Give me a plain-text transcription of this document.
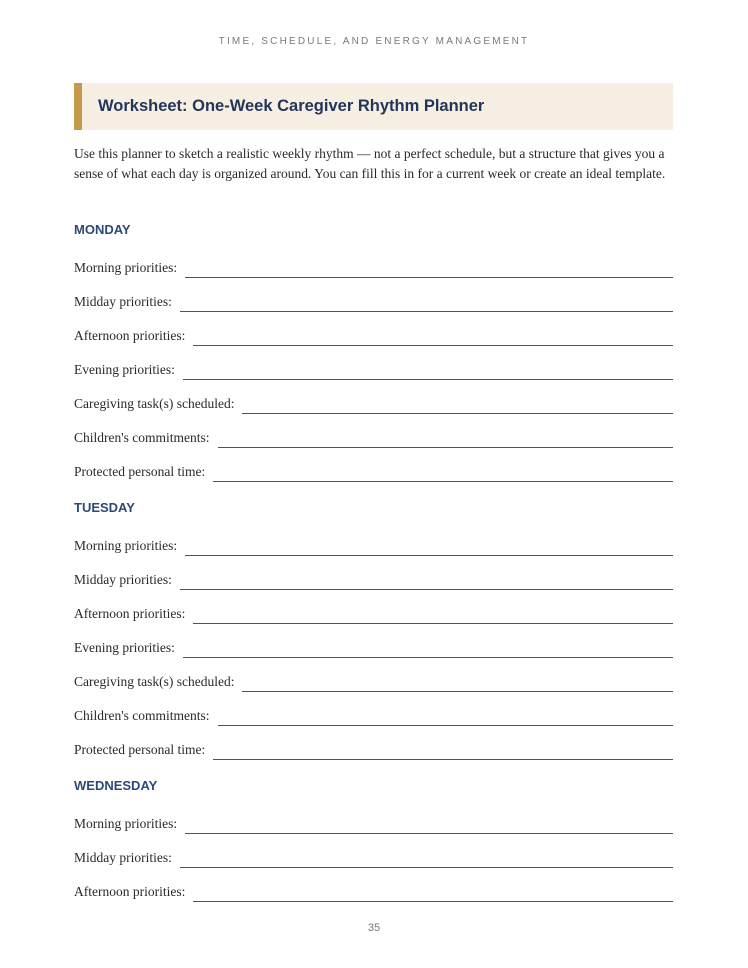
TIME, SCHEDULE, AND ENERGY MANAGEMENT
Worksheet: One-Week Caregiver Rhythm Planner

Use this planner to sketch a realistic weekly rhythm — not a perfect schedule, but a structure that gives you a sense of what each day is organized around. You can fill this in for a current week or create an ideal template.

MONDAY
Morning priorities:
Midday priorities:
Afternoon priorities:
Evening priorities:
Caregiving task(s) scheduled:
Children's commitments:
Protected personal time:
TUESDAY
Morning priorities:
Midday priorities:
Afternoon priorities:
Evening priorities:
Caregiving task(s) scheduled:
Children's commitments:
Protected personal time:
WEDNESDAY
Morning priorities:
Midday priorities:
Afternoon priorities:
35
